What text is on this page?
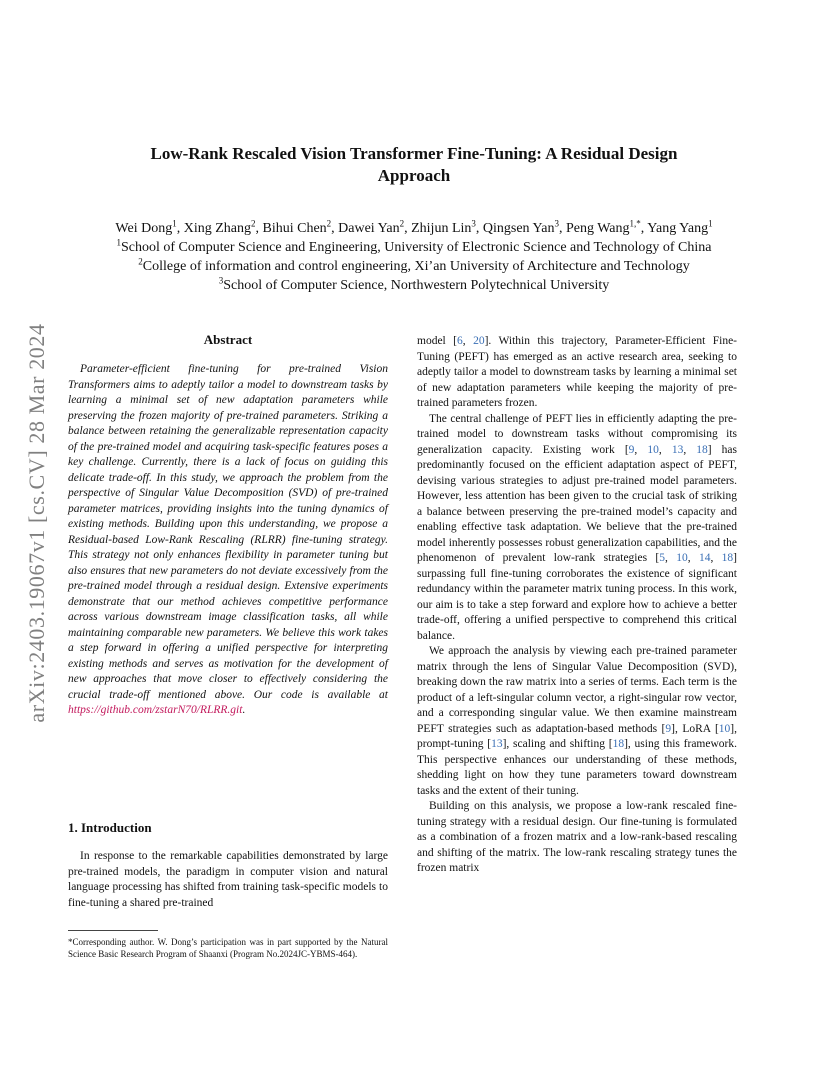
arXiv:2403.19067v1 [cs.CV] 28 Mar 2024
Low-Rank Rescaled Vision Transformer Fine-Tuning: A Residual Design
Approach
Wei Dong$^1$, Xing Zhang$^2$, Bihui Chen$^2$, Dawei Yan$^2$, Zhijun Lin$^3$, Qingsen Yan$^3$, Peng Wang$^{1,*}$, Yang Yang$^1$
$^1$School of Computer Science and Engineering, University of Electronic Science and Technology of China
$^2$College of information and control engineering, Xi’an University of Architecture and Technology
$^3$School of Computer Science, Northwestern Polytechnical University
Abstract

Parameter-efficient fine-tuning for pre-trained Vision Transformers aims to adeptly tailor a model to downstream tasks by learning a minimal set of new adaptation parameters while preserving the frozen majority of pre-trained parameters. Striking a balance between retaining the generalizable representation capacity of the pre-trained model and acquiring task-specific features poses a key challenge. Currently, there is a lack of focus on guiding this delicate trade-off. In this study, we approach the problem from the perspective of Singular Value Decomposition (SVD) of pre-trained parameter matrices, providing insights into the tuning dynamics of existing methods. Building upon this understanding, we propose a Residual-based Low-Rank Rescaling (RLRR) fine-tuning strategy. This strategy not only enhances flexibility in parameter tuning but also ensures that new parameters do not deviate excessively from the pre-trained model through a residual design. Extensive experiments demonstrate that our method achieves competitive performance across various downstream image classification tasks, all while maintaining comparable new parameters. We believe this work takes a step forward in offering a unified perspective for interpreting existing methods and serves as motivation for the development of new approaches that move closer to effectively considering the crucial trade-off mentioned above. Our code is available at https://github.com/zstarN70/RLRR.git.

1. Introduction

In response to the remarkable capabilities demonstrated by large pre-trained models, the paradigm in computer vision and natural language processing has shifted from training task-specific models to fine-tuning a shared pre-trained

*Corresponding author. W. Dong’s participation was in part supported by the Natural Science Basic Research Program of Shaanxi (Program No.2024JC-YBMS-464).

model [6, 20]. Within this trajectory, Parameter-Efficient Fine-Tuning (PEFT) has emerged as an active research area, seeking to adeptly tailor a model to downstream tasks by learning a minimal set of new adaptation parameters while keeping the majority of pre-trained parameters frozen.

The central challenge of PEFT lies in efficiently adapting the pre-trained model to downstream tasks without compromising its generalization capacity. Existing work [9, 10, 13, 18] has predominantly focused on the efficient adaptation aspect of PEFT, devising various strategies to adjust pre-trained model parameters. However, less attention has been given to the crucial task of striking a balance between preserving the pre-trained model’s capacity and enabling effective task adaptation. We believe that the pre-trained model inherently possesses robust generalization capabilities, and the phenomenon of prevalent low-rank strategies [5, 10, 14, 18] surpassing full fine-tuning corroborates the existence of significant redundancy within the parameter matrix tuning process. In this work, our aim is to take a step forward and explore how to achieve a better trade-off, offering a unified perspective to comprehend this critical balance.

We approach the analysis by viewing each pre-trained parameter matrix through the lens of Singular Value Decomposition (SVD), breaking down the raw matrix into a series of terms. Each term is the product of a left-singular column vector, a right-singular row vector, and a corresponding singular value. We then examine mainstream PEFT strategies such as adaptation-based methods [9], LoRA [10], prompt-tuning [13], scaling and shifting [18], using this framework. This perspective enhances our understanding of these methods, shedding light on how they tune parameters toward downstream tasks and the extent of their tuning.

Building on this analysis, we propose a low-rank rescaled fine-tuning strategy with a residual design. Our fine-tuning is formulated as a combination of a frozen matrix and a low-rank-based rescaling and shifting of the matrix. The low-rank rescaling strategy tunes the frozen matrix
